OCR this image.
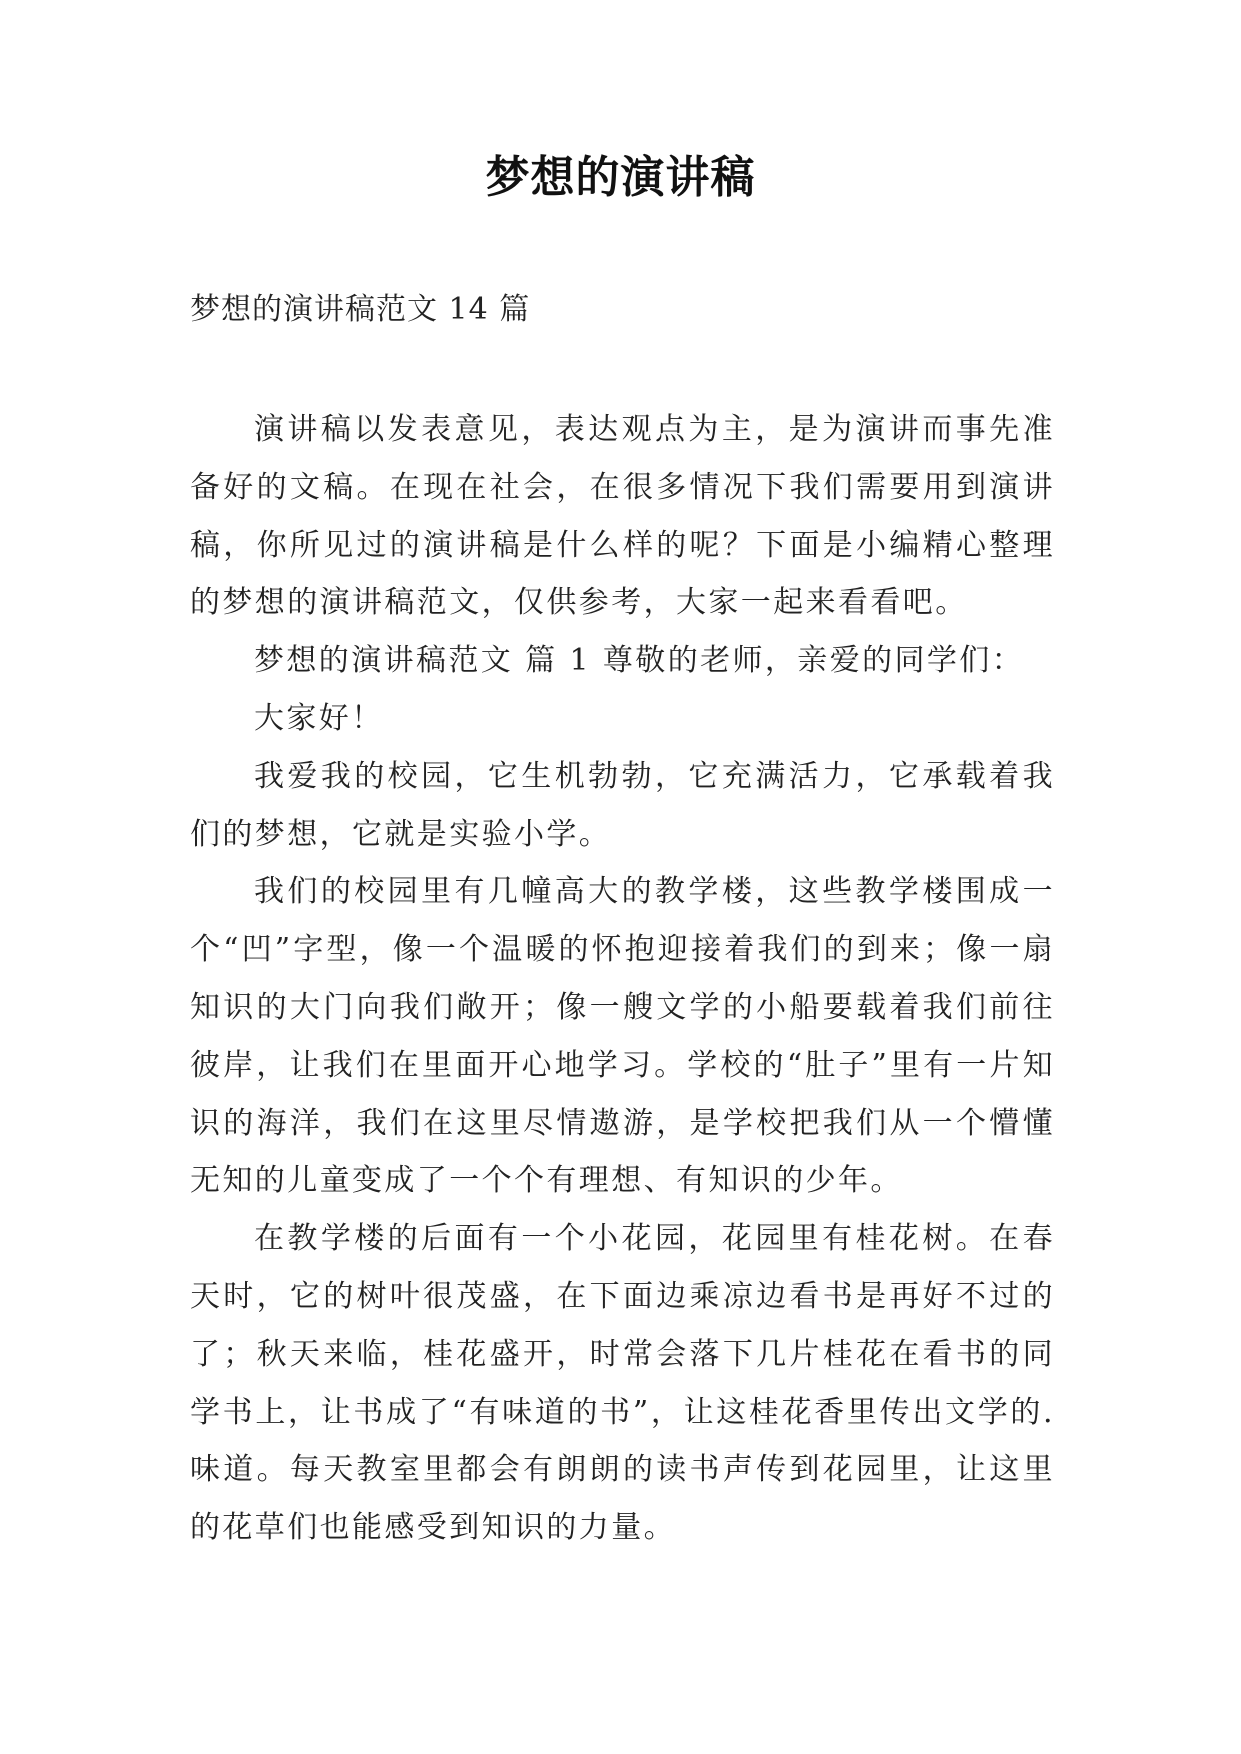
梦想的演讲稿
梦想的演讲稿范文 14 篇

演讲稿以发表意见，表达观点为主，是为演讲而事先准备好的文稿。在现在社会，在很多情况下我们需要用到演讲稿，你所见过的演讲稿是什么样的呢？下面是小编精心整理的梦想的演讲稿范文，仅供参考，大家一起来看看吧。

梦想的演讲稿范文 篇 1 尊敬的老师，亲爱的同学们：

大家好！

我爱我的校园，它生机勃勃，它充满活力，它承载着我们的梦想，它就是实验小学。

我们的校园里有几幢高大的教学楼，这些教学楼围成一个“凹”字型，像一个温暖的怀抱迎接着我们的到来；像一扇知识的大门向我们敞开；像一艘文学的小船要载着我们前往彼岸，让我们在里面开心地学习。学校的“肚子”里有一片知识的海洋，我们在这里尽情遨游，是学校把我们从一个懵懂无知的儿童变成了一个个有理想、有知识的少年。

在教学楼的后面有一个小花园，花园里有桂花树。在春天时，它的树叶很茂盛，在下面边乘凉边看书是再好不过的了；秋天来临，桂花盛开，时常会落下几片桂花在看书的同学书上，让书成了“有味道的书”，让这桂花香里传出文学的.味道。每天教室里都会有朗朗的读书声传到花园里，让这里的花草们也能感受到知识的力量。
